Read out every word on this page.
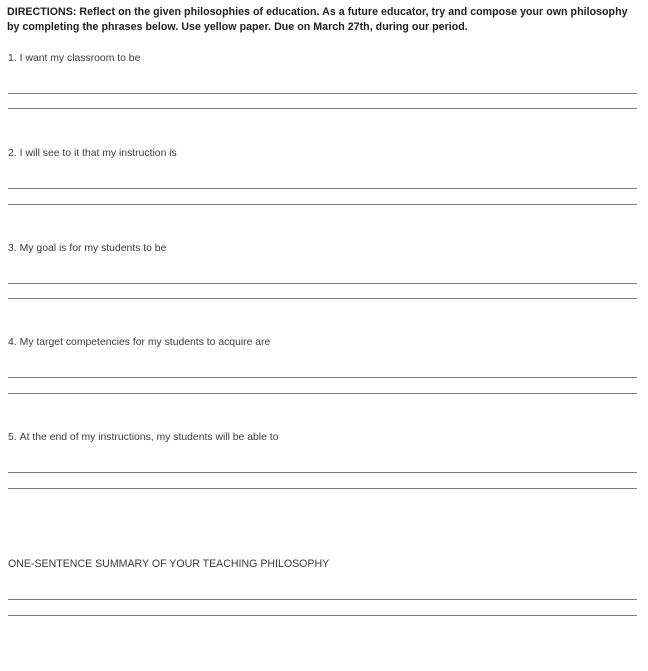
DIRECTIONS: Reflect on the given philosophies of education. As a future educator, try and compose your own philosophy by completing the phrases below. Use yellow paper. Due on March 27th, during our period.
1. I want my classroom to be
2. I will see to it that my instruction is
3. My goal is for my students to be
4. My target competencies for my students to acquire are
5. At the end of my instructions, my students will be able to
ONE-SENTENCE SUMMARY OF YOUR TEACHING PHILOSOPHY
